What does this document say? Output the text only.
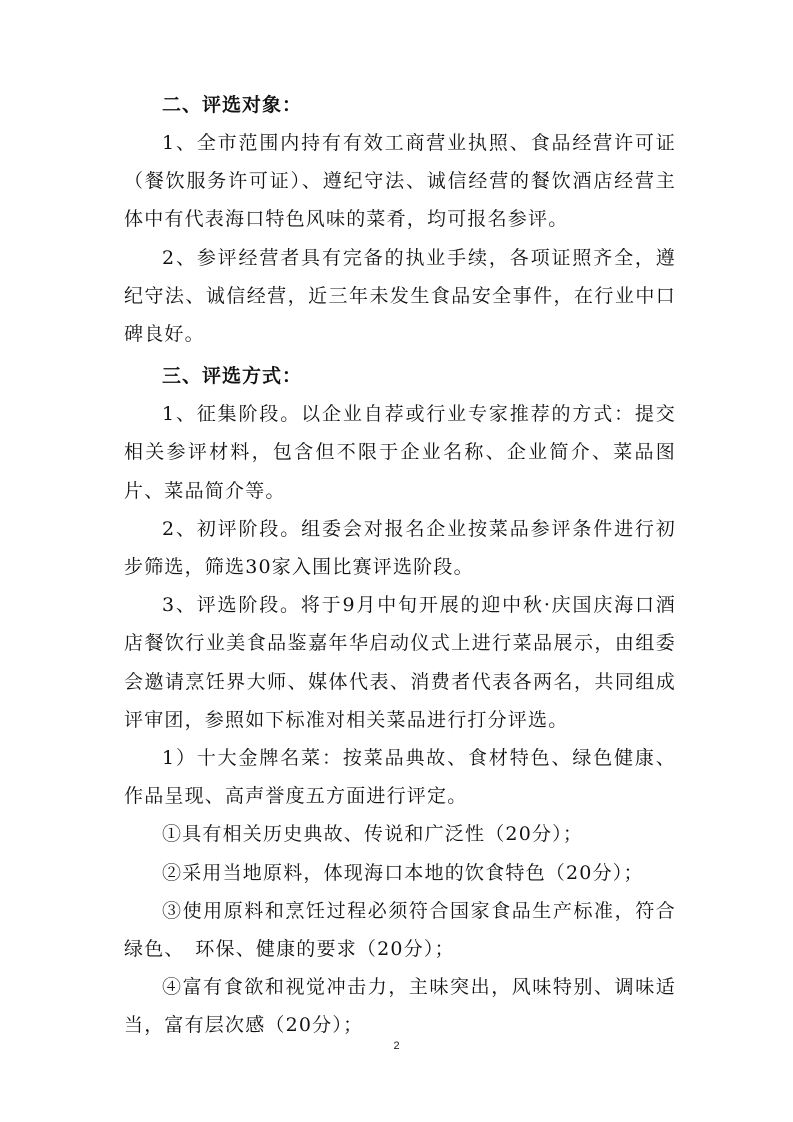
二、评选对象：

1、全市范围内持有有效工商营业执照、食品经营许可证（餐饮服务许可证）、遵纪守法、诚信经营的餐饮酒店经营主体中有代表海口特色风味的菜肴，均可报名参评。

2、参评经营者具有完备的执业手续，各项证照齐全，遵纪守法、诚信经营，近三年未发生食品安全事件，在行业中口碑良好。

三、评选方式：

1、征集阶段。以企业自荐或行业专家推荐的方式：提交相关参评材料，包含但不限于企业名称、企业简介、菜品图片、菜品简介等。

2、初评阶段。组委会对报名企业按菜品参评条件进行初步筛选，筛选30家入围比赛评选阶段。

3、评选阶段。将于9月中旬开展的迎中秋·庆国庆海口酒店餐饮行业美食品鉴嘉年华启动仪式上进行菜品展示，由组委会邀请烹饪界大师、媒体代表、消费者代表各两名，共同组成评审团，参照如下标准对相关菜品进行打分评选。

1）十大金牌名菜：按菜品典故、食材特色、绿色健康、作品呈现、高声誉度五方面进行评定。

①具有相关历史典故、传说和广泛性（20分）；

②采用当地原料，体现海口本地的饮食特色（20分）；

③使用原料和烹饪过程必须符合国家食品生产标准，符合绿色、　环保、健康的要求（20分）；

④富有食欲和视觉冲击力，主味突出，风味特别、调味适当，富有层次感（20分）；

2
